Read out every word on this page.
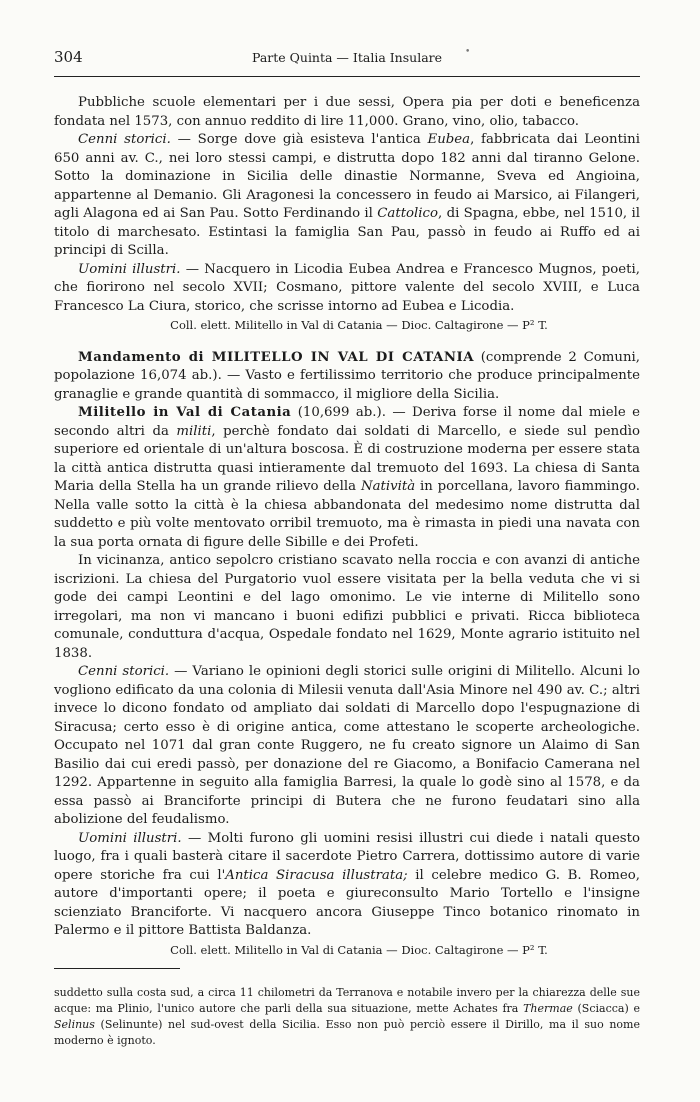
304	Parte Quinta — Italia Insulare	•

Pubbliche scuole elementari per i due sessi, Opera pia per doti e beneficenza fondata nel 1573, con annuo reddito di lire 11,000. Grano, vino, olio, tabacco.

Cenni storici. — Sorge dove già esisteva l'antica Eubea, fabbricata dai Leontini 650 anni av. C., nei loro stessi campi, e distrutta dopo 182 anni dal tiranno Gelone. Sotto la dominazione in Sicilia delle dinastie Normanne, Sveva ed Angioina, appartenne al Demanio. Gli Aragonesi la concessero in feudo ai Marsico, ai Filangeri, agli Alagona ed ai San Pau. Sotto Ferdinando il Cattolico, di Spagna, ebbe, nel 1510, il titolo di marchesato. Estintasi la famiglia San Pau, passò in feudo ai Ruffo ed ai principi di Scilla.

Uomini illustri. — Nacquero in Licodia Eubea Andrea e Francesco Mugnos, poeti, che fiorirono nel secolo XVII; Cosmano, pittore valente del secolo XVIII, e Luca Francesco La Ciura, storico, che scrisse intorno ad Eubea e Licodia.

Coll. elett. Militello in Val di Catania — Dioc. Caltagirone — P² T.

Mandamento di MILITELLO IN VAL DI CATANIA (comprende 2 Comuni, popolazione 16,074 ab.). — Vasto e fertilissimo territorio che produce principalmente granaglie e grande quantità di sommacco, il migliore della Sicilia.

Militello in Val di Catania (10,699 ab.). — Deriva forse il nome dal miele e secondo altri da militi, perchè fondato dai soldati di Marcello, e siede sul pendìo superiore ed orientale di un'altura boscosa. È di costruzione moderna per essere stata la città antica distrutta quasi intieramente dal tremuoto del 1693. La chiesa di Santa Maria della Stella ha un grande rilievo della Natività in porcellana, lavoro fiammingo. Nella valle sotto la città è la chiesa abbandonata del medesimo nome distrutta dal suddetto e più volte mentovato orribil tremuoto, ma è rimasta in piedi una navata con la sua porta ornata di figure delle Sibille e dei Profeti.

In vicinanza, antico sepolcro cristiano scavato nella roccia e con avanzi di antiche iscrizioni. La chiesa del Purgatorio vuol essere visitata per la bella veduta che vi si gode dei campi Leontini e del lago omonimo. Le vie interne di Militello sono irregolari, ma non vi mancano i buoni edifizi pubblici e privati. Ricca biblioteca comunale, conduttura d'acqua, Ospedale fondato nel 1629, Monte agrario istituito nel 1838.

Cenni storici. — Variano le opinioni degli storici sulle origini di Militello. Alcuni lo vogliono edificato da una colonia di Milesii venuta dall'Asia Minore nel 490 av. C.; altri invece lo dicono fondato od ampliato dai soldati di Marcello dopo l'espugnazione di Siracusa; certo esso è di origine antica, come attestano le scoperte archeologiche. Occupato nel 1071 dal gran conte Ruggero, ne fu creato signore un Alaimo di San Basilio dai cui eredi passò, per donazione del re Giacomo, a Bonifacio Camerana nel 1292. Appartenne in seguito alla famiglia Barresi, la quale lo godè sino al 1578, e da essa passò ai Branciforte principi di Butera che ne furono feudatari sino alla abolizione del feudalismo.

Uomini illustri. — Molti furono gli uomini resisi illustri cui diede i natali questo luogo, fra i quali basterà citare il sacerdote Pietro Carrera, dottissimo autore di varie opere storiche fra cui l'Antica Siracusa illustrata; il celebre medico G. B. Romeo, autore d'importanti opere; il poeta e giureconsulto Mario Tortello e l'insigne scienziato Branciforte. Vi nacquero ancora Giuseppe Tinco botanico rinomato in Palermo e il pittore Battista Baldanza.

Coll. elett. Militello in Val di Catania — Dioc. Caltagirone — P² T.

suddetto sulla costa sud, a circa 11 chilometri da Terranova e notabile invero per la chiarezza delle sue acque: ma Plinio, l'unico autore che parli della sua situazione, mette Achates fra Thermae (Sciacca) e Selinus (Selinunte) nel sud-ovest della Sicilia. Esso non può perciò essere il Dirillo, ma il suo nome moderno è ignoto.
